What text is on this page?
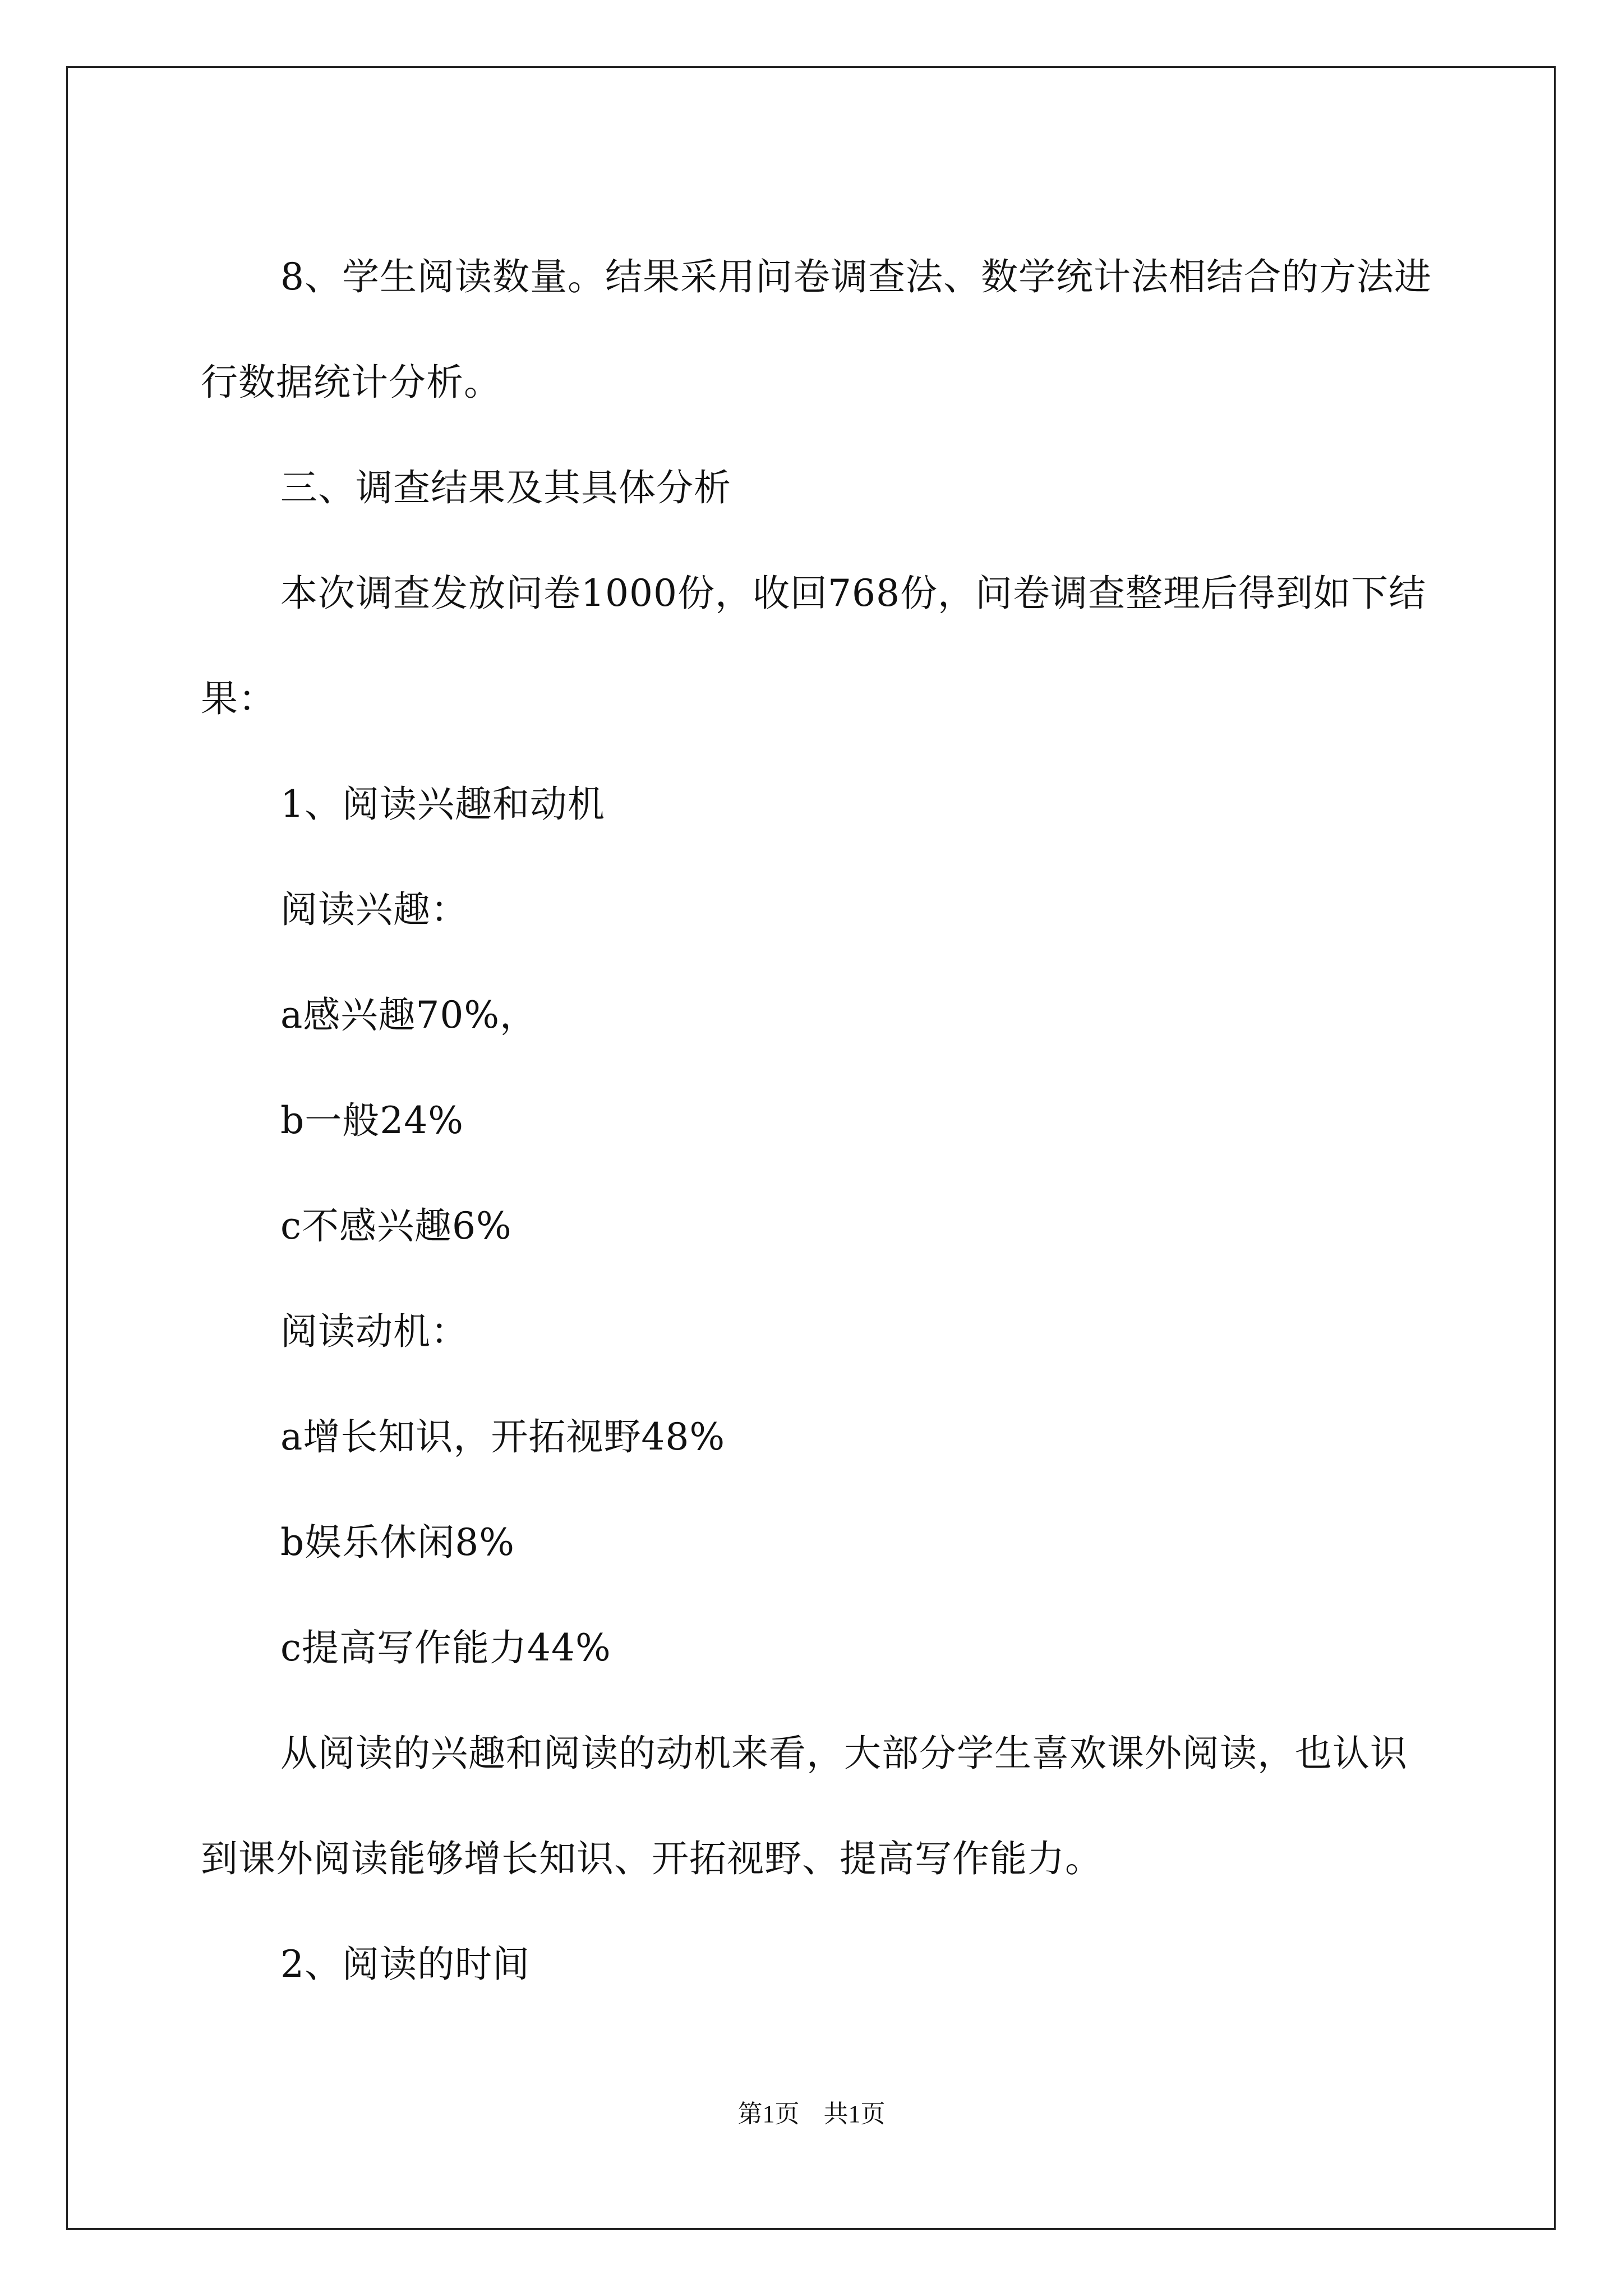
8、学生阅读数量。结果采用问卷调查法、数学统计法相结合的方法进行数据统计分析。

三、调查结果及其具体分析

本次调查发放问卷1000份，收回768份，问卷调查整理后得到如下结果：

1、阅读兴趣和动机

阅读兴趣：

a感兴趣70%，

b一般24%

c不感兴趣6%

阅读动机：

a增长知识，开拓视野48%

b娱乐休闲8%

c提高写作能力44%

从阅读的兴趣和阅读的动机来看，大部分学生喜欢课外阅读，也认识到课外阅读能够增长知识、开拓视野、提高写作能力。

2、阅读的时间

第1页 共1页
